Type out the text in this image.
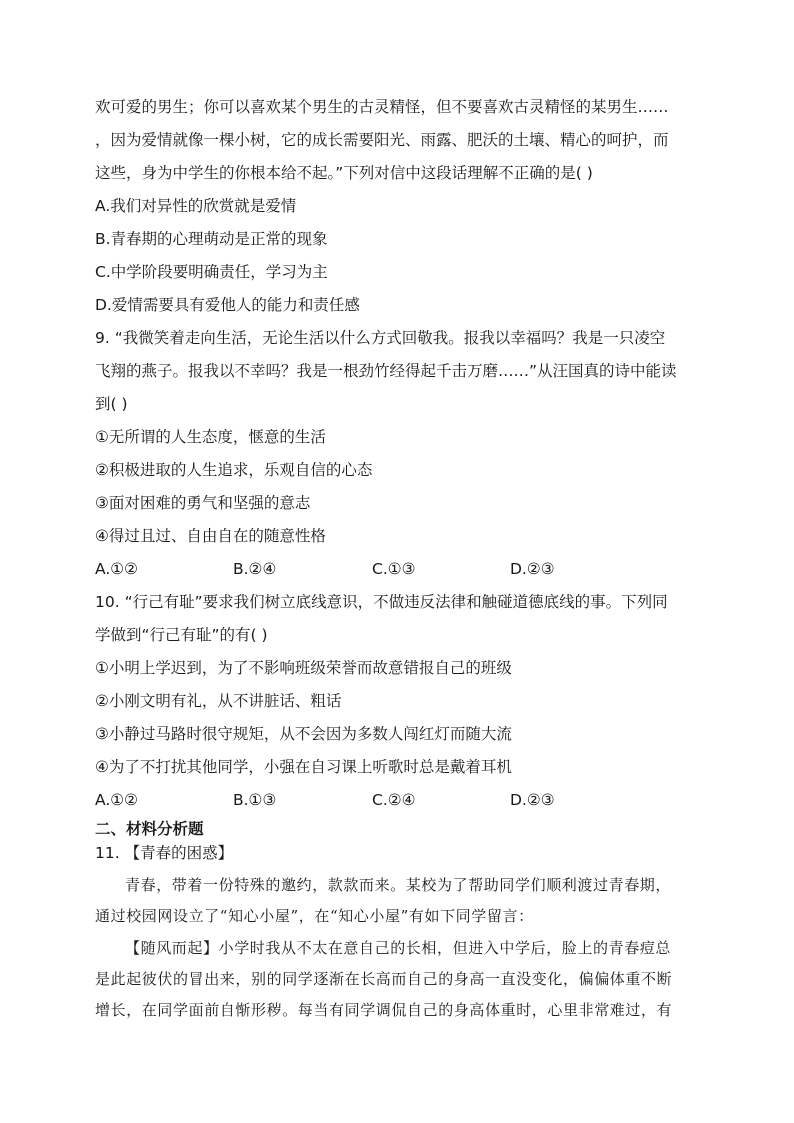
欢可爱的男生；你可以喜欢某个男生的古灵精怪，但不要喜欢古灵精怪的某男生……
，因为爱情就像一棵小树，它的成长需要阳光、雨露、肥沃的土壤、精心的呵护，而
这些，身为中学生的你根本给不起。”下列对信中这段话理解不正确的是( )
A.我们对异性的欣赏就是爱情
B.青春期的心理萌动是正常的现象
C.中学阶段要明确责任，学习为主
D.爱情需要具有爱他人的能力和责任感
9. “我微笑着走向生活，无论生活以什么方式回敬我。报我以幸福吗？我是一只凌空
飞翔的燕子。报我以不幸吗？我是一根劲竹经得起千击万磨……”从汪国真的诗中能读
到( )
①无所谓的人生态度，惬意的生活
②积极进取的人生追求，乐观自信的心态
③面对困难的勇气和坚强的意志
④得过且过、自由自在的随意性格
A.①②	B.②④	C.①③	D.②③
10. “行己有耻”要求我们树立底线意识，不做违反法律和触碰道德底线的事。下列同
学做到“行己有耻”的有( )
①小明上学迟到，为了不影响班级荣誉而故意错报自己的班级
②小刚文明有礼，从不讲脏话、粗话
③小静过马路时很守规矩，从不会因为多数人闯红灯而随大流
④为了不打扰其他同学，小强在自习课上听歌时总是戴着耳机
A.①②	B.①③	C.②④	D.②③
二、材料分析题
11. 【青春的困惑】
青春，带着一份特殊的邀约，款款而来。某校为了帮助同学们顺利渡过青春期，
通过校园网设立了“知心小屋”，在“知心小屋”有如下同学留言：
【随风而起】小学时我从不太在意自己的长相，但进入中学后，脸上的青春痘总
是此起彼伏的冒出来，别的同学逐渐在长高而自己的身高一直没变化，偏偏体重不断
增长，在同学面前自惭形秽。每当有同学调侃自己的身高体重时，心里非常难过，有
